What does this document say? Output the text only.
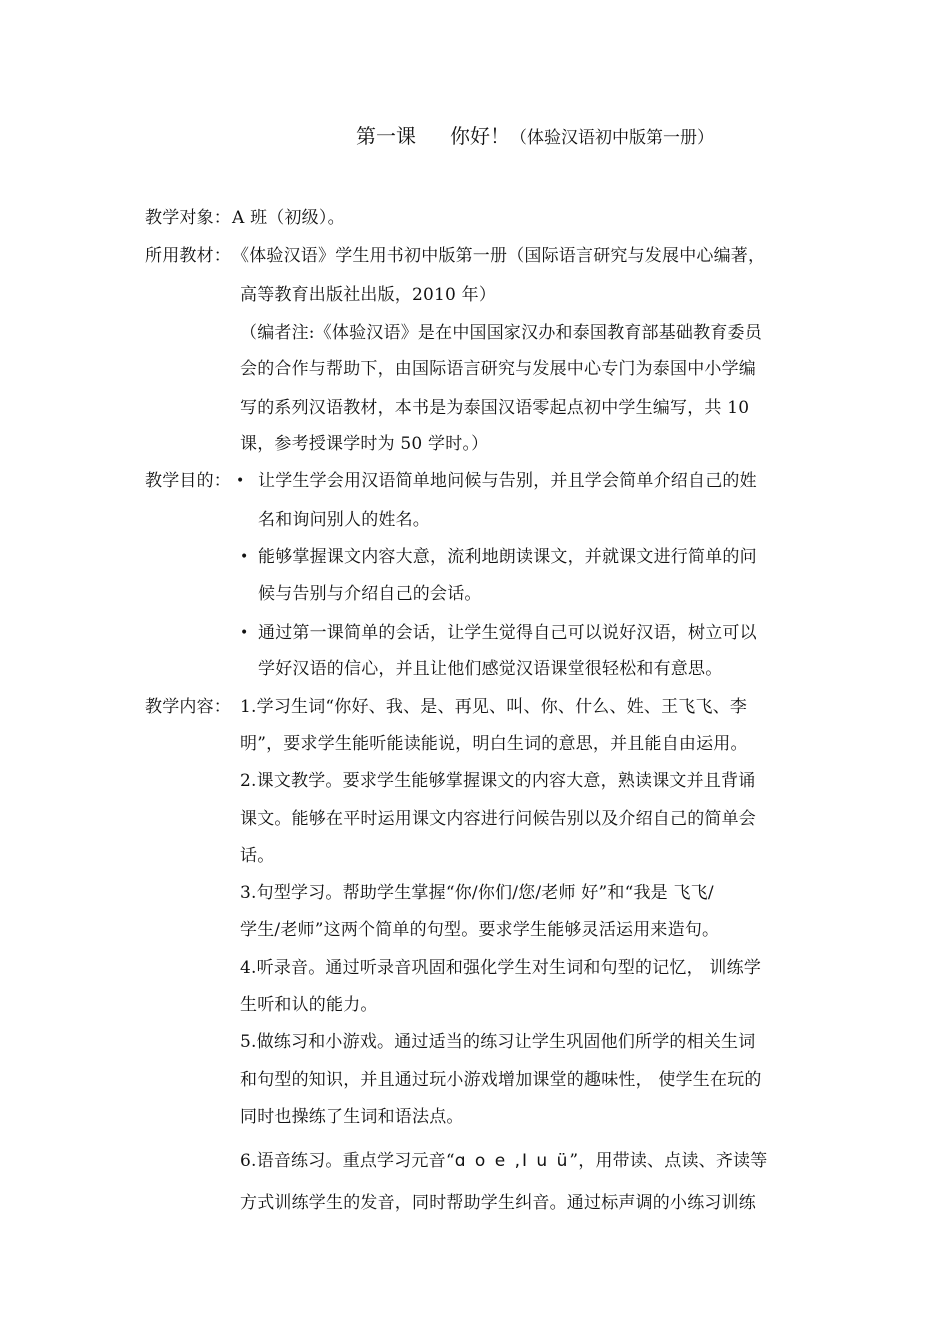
第一课 你好！（体验汉语初中版第一册）
教学对象： A 班（初级）。
所用教材： 《体验汉语》学生用书初中版第一册（国际语言研究与发展中心编著，
高等教育出版社出版，2010 年）
（编者注:《体验汉语》是在中国国家汉办和泰国教育部基础教育委员
会的合作与帮助下，由国际语言研究与发展中心专门为泰国中小学编
写的系列汉语教材，本书是为泰国汉语零起点初中学生编写，共 10
课，参考授课学时为 50 学时。）
教学目的： • 让学生学会用汉语简单地问候与告别，并且学会简单介绍自己的姓
名和询问别人的姓名。
• 能够掌握课文内容大意，流利地朗读课文，并就课文进行简单的问
候与告别与介绍自己的会话。
• 通过第一课简单的会话，让学生觉得自己可以说好汉语，树立可以
学好汉语的信心，并且让他们感觉汉语课堂很轻松和有意思。
教学内容： 1.学习生词“你好、我、是、再见、叫、你、什么、姓、王飞飞、李
明”，要求学生能听能读能说，明白生词的意思，并且能自由运用。
2.课文教学。要求学生能够掌握课文的内容大意，熟读课文并且背诵
课文。能够在平时运用课文内容进行问候告别以及介绍自己的简单会
话。
3.句型学习。帮助学生掌握“你/你们/您/老师 好”和“我是 飞飞/
学生/老师”这两个简单的句型。要求学生能够灵活运用来造句。
4.听录音。通过听录音巩固和强化学生对生词和句型的记忆， 训练学
生听和认的能力。
5.做练习和小游戏。通过适当的练习让学生巩固他们所学的相关生词
和句型的知识，并且通过玩小游戏增加课堂的趣味性， 使学生在玩的
同时也操练了生词和语法点。
6.语音练习。重点学习元音“ɑ o e ,I u ü”，用带读、点读、齐读等
方式训练学生的发音，同时帮助学生纠音。通过标声调的小练习训练
